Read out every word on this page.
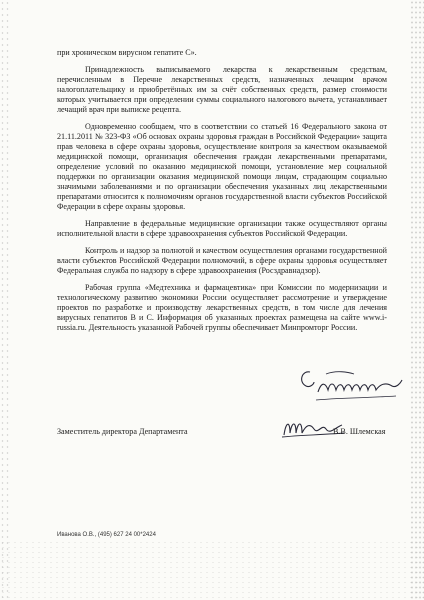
при хроническом вирусном гепатите С».

Принадлежность выписываемого лекарства к лекарственным средствам, перечисленным в Перечне лекарственных средств, назначенных лечащим врачом налогоплательщику и приобретённых им за счёт собственных средств, размер стоимости которых учитывается при определении суммы социального налогового вычета, устанавливает лечащий врач при выписке рецепта.

Одновременно сообщаем, что в соответствии со статьей 16 Федерального закона от 21.11.2011 № 323-ФЗ «Об основах охраны здоровья граждан в Российской Федерации» защита прав человека в сфере охраны здоровья, осуществление контроля за качеством оказываемой медицинской помощи, организация обеспечения граждан лекарственными препаратами, определение условий по оказанию медицинской помощи, установление мер социальной поддержки по организации оказания медицинской помощи лицам, страдающим социально значимыми заболеваниями и по организации обеспечения указанных лиц лекарственными препаратами относится к полномочиям органов государственной власти субъектов Российской Федерации в сфере охраны здоровья.

Направление в федеральные медицинские организации также осуществляют органы исполнительной власти в сфере здравоохранения субъектов Российской Федерации.

Контроль и надзор за полнотой и качеством осуществления органами государственной власти субъектов Российской Федерации полномочий, в сфере охраны здоровья осуществляет Федеральная служба по надзору в сфере здравоохранения (Росздравнадзор).

Рабочая группа «Медтехника и фармацевтика» при Комиссии по модернизации и технологическому развитию экономики России осуществляет рассмотрение и утверждение проектов по разработке и производству лекарственных средств, в том числе для лечения вирусных гепатитов В и С. Информация об указанных проектах размещена на сайте www.i-russia.ru. Деятельность указанной Рабочей группы обеспечивает Минпромторг России.

Заместитель директора Департамента	В.В. Шлемская
Иванова О.В., (495) 627 24 00*2424
